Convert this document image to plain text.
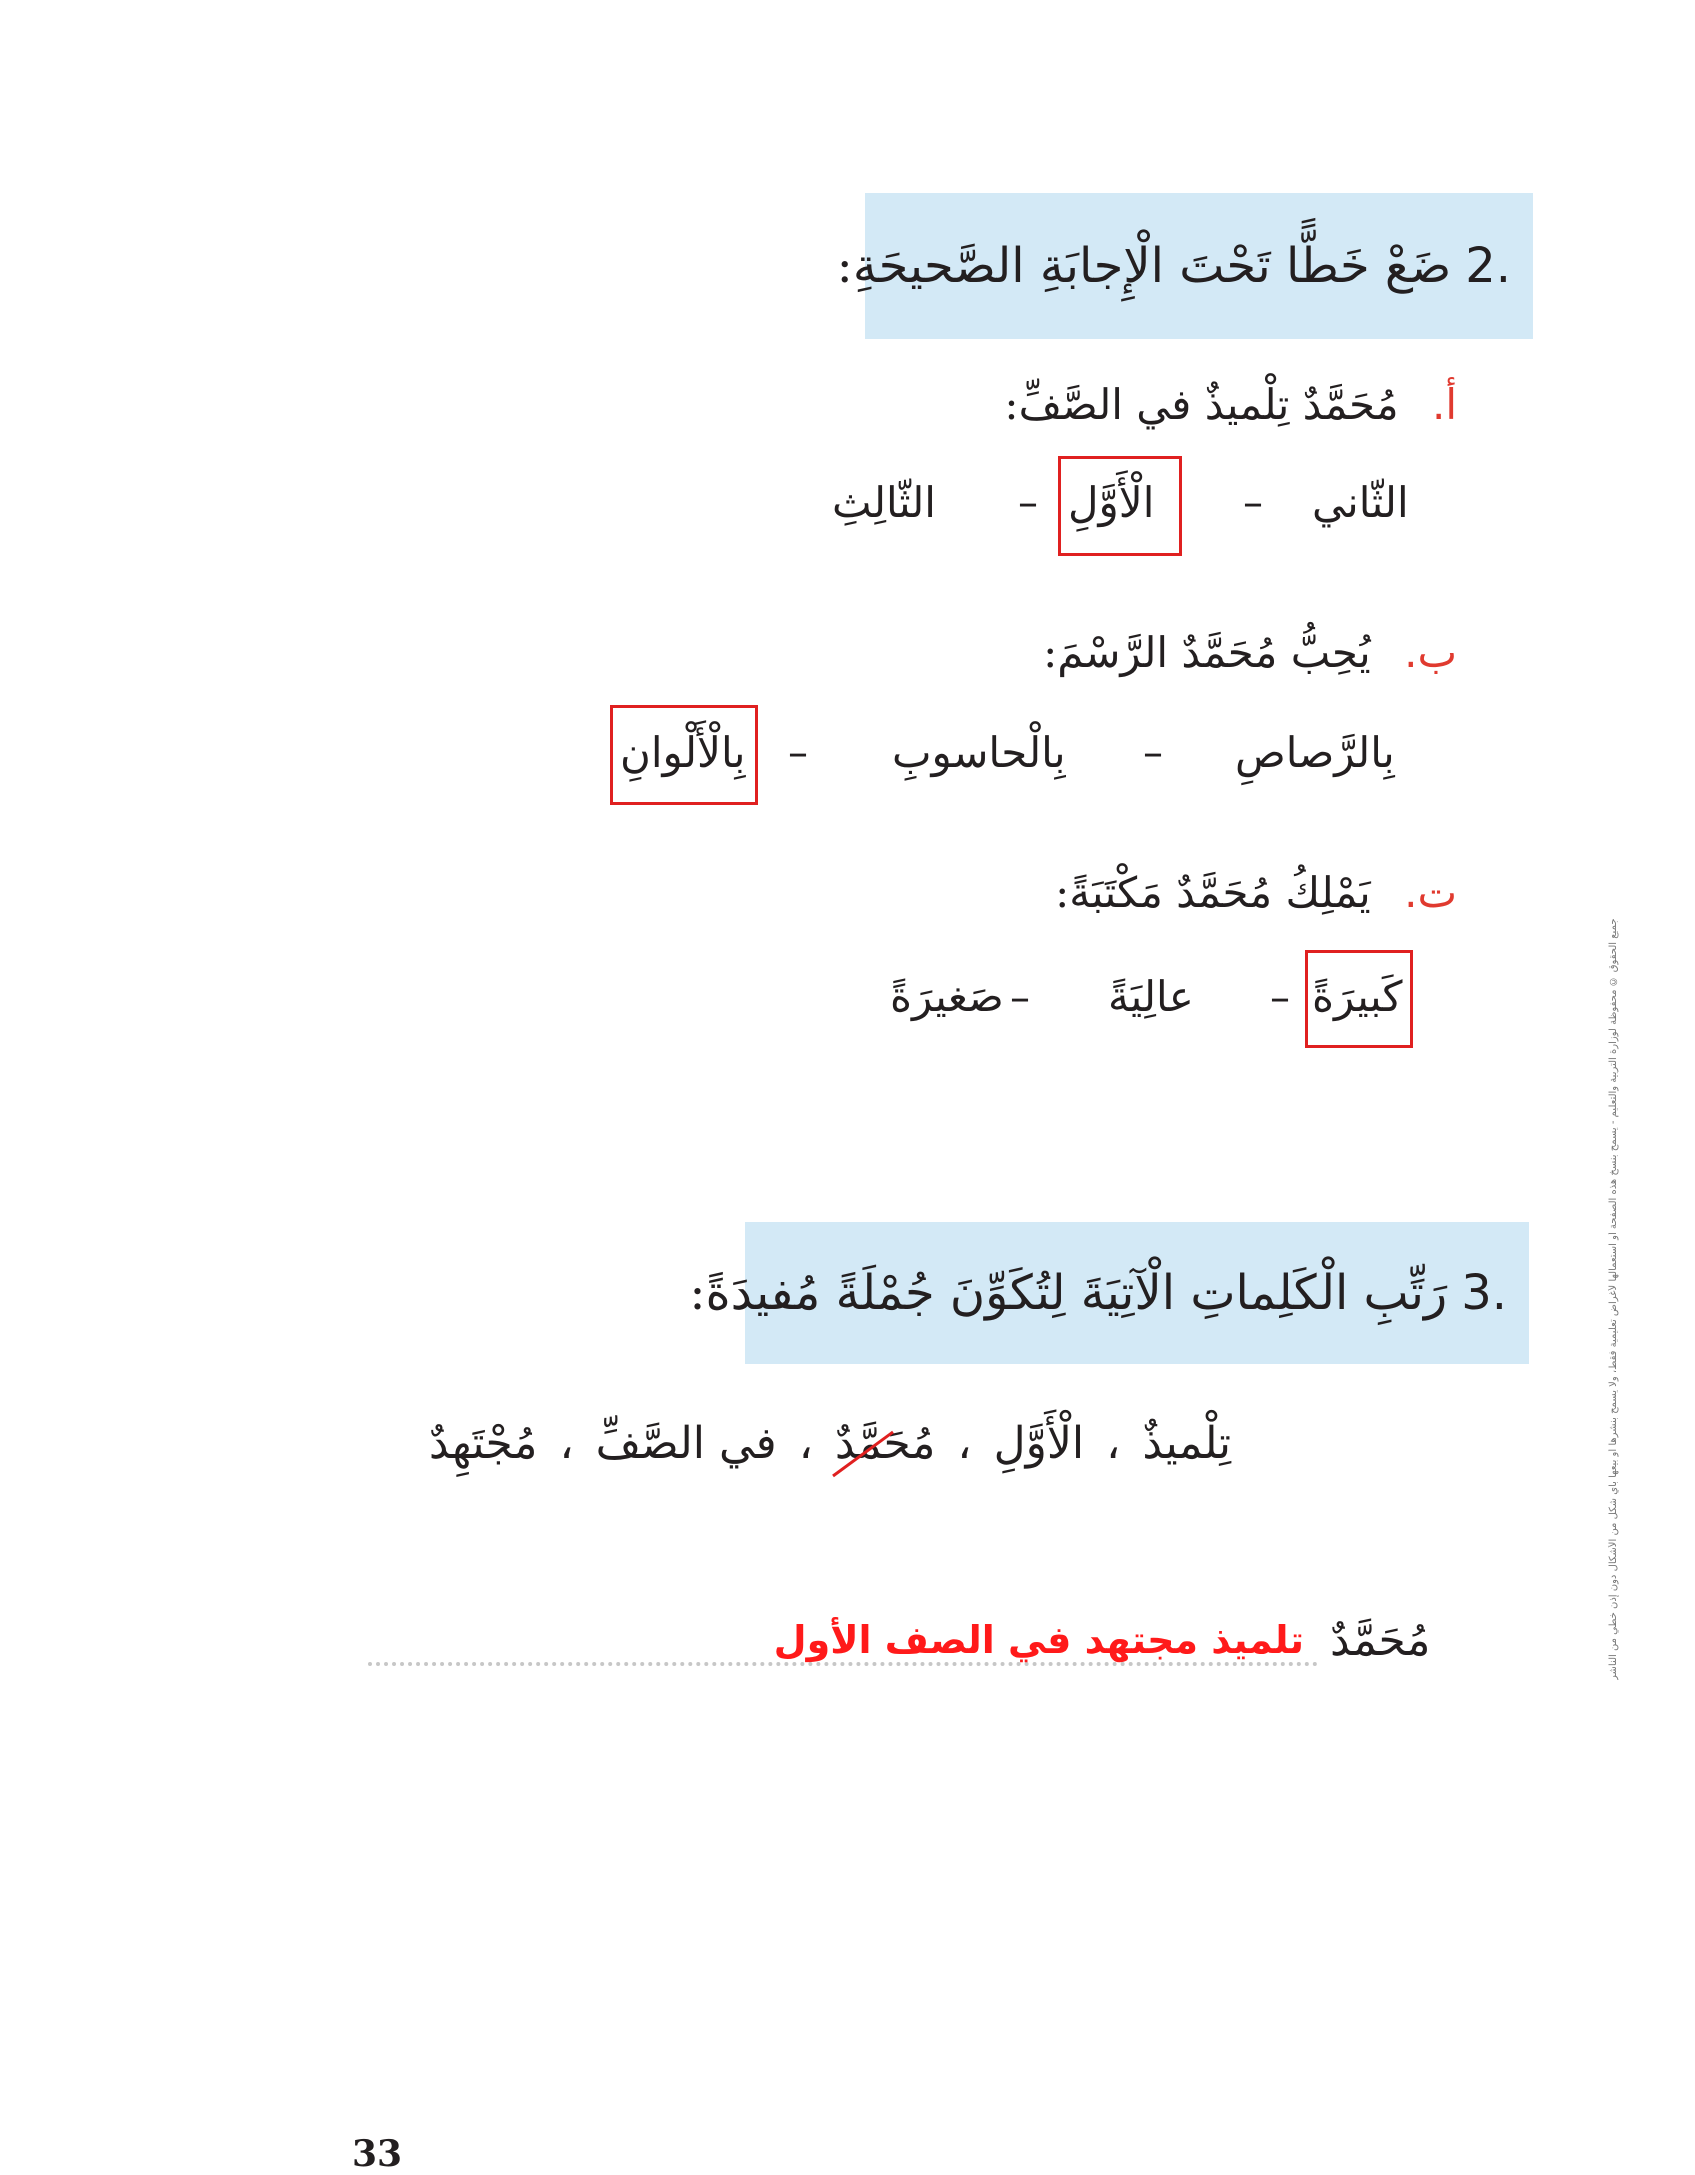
ضَعْ خَطًّا تَحْتَ الْإِجابَةِ الصَّحيحَةِ: 2.
أ. مُحَمَّدٌ تِلْميذٌ في الصَّفِّ:
الثّاني
–
الْأَوَّلِ
–
الثّالِثِ
ب. يُحِبُّ مُحَمَّدٌ الرَّسْمَ:
بِالرَّصاصِ
–
بِالْحاسوبِ
–
بِالْأَلْوانِ
ت. يَمْلِكُ مُحَمَّدٌ مَكْتَبَةً:
كَبيرَةً
–
عالِيَةً
–
صَغيرَةً
رَتِّبِ الْكَلِماتِ الْآتِيَةَ لِتُكَوِّنَ جُمْلَةً مُفيدَةً: 3.
تِلْميذٌ،الْأَوَّلِ،مُحَمَّدٌ
،في الصَّفِّ،مُجْتَهِدٌ
مُحَمَّدٌ
تلميذ مجتهد في الصف الأول	جميع الحقوق © محفوظة لوزارة التربية والتعليم - يسمح بنسخ هذه الصفحة أو استعمالها لأغراض تعليمية فقط، ولا يسمح بنشرها أو بيعها بأي شكل من الأشكال دون إذن خطي من الناشر
33
